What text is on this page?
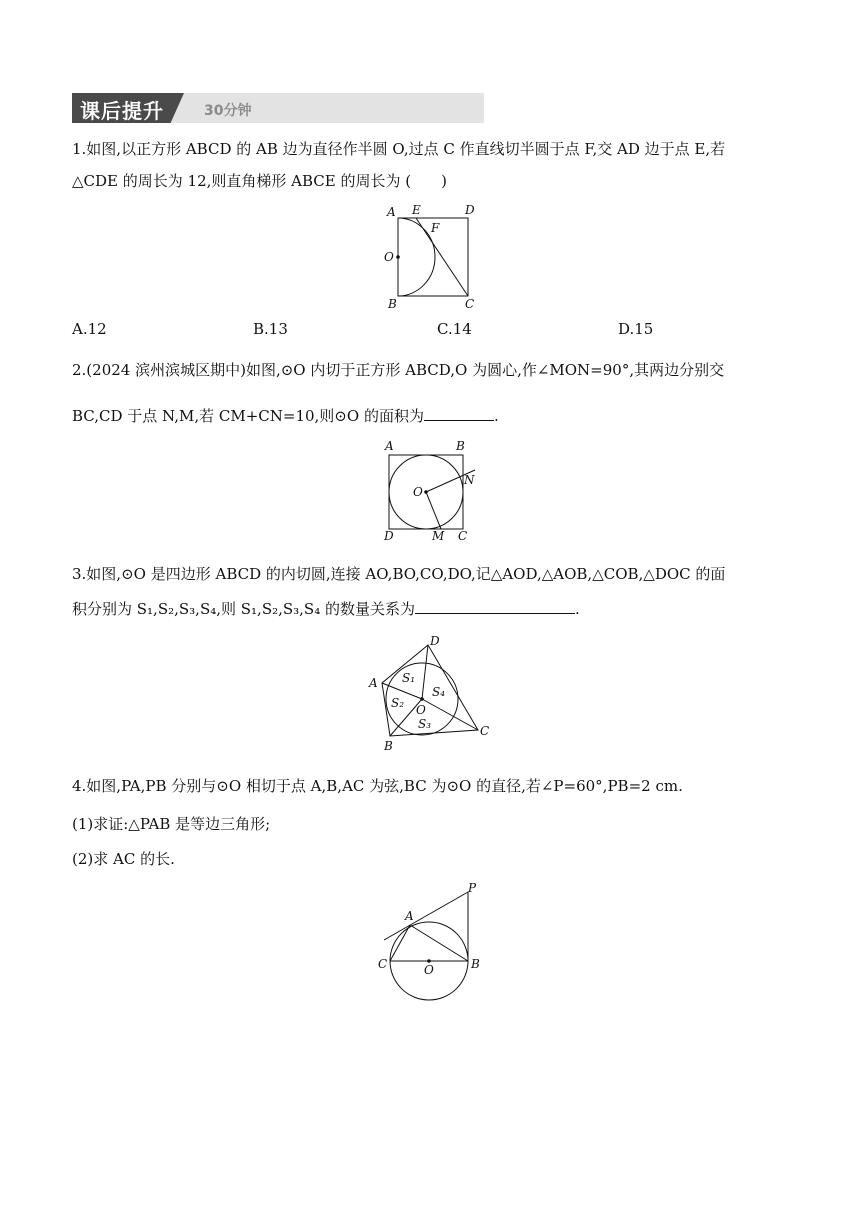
课后提升	30分钟
1.如图,以正方形 ABCD 的 AB 边为直径作半圆 O,过点 C 作直线切半圆于点 F,交 AD 边于点 E,若
△CDE 的周长为 12,则直角梯形 ABCE 的周长为 (　　)
A E	D
F
O
B	C
A.12	B.13	C.14	D.15
2.(2024 滨州滨城区期中)如图,⊙O 内切于正方形 ABCD,O 为圆心,作∠MON=90°,其两边分别交
BC,CD 于点 N,M,若 CM+CN=10,则⊙O 的面积为	.
A	B
O
N
D	M C
3.如图,⊙O 是四边形 ABCD 的内切圆,连接 AO,BO,CO,DO,记△AOD,△AOB,△COB,△DOC 的面
积分别为 S₁,S₂,S₃,S₄,则 S₁,S₂,S₃,S₄ 的数量关系为	.
D
A
B
C
O
S₁
S₂
S₃
S₄
4.如图,PA,PB 分别与⊙O 相切于点 A,B,AC 为弦,BC 为⊙O 的直径,若∠P=60°,PB=2 cm.
(1)求证:△PAB 是等边三角形;
(2)求 AC 的长.
P
A
C	O	B
